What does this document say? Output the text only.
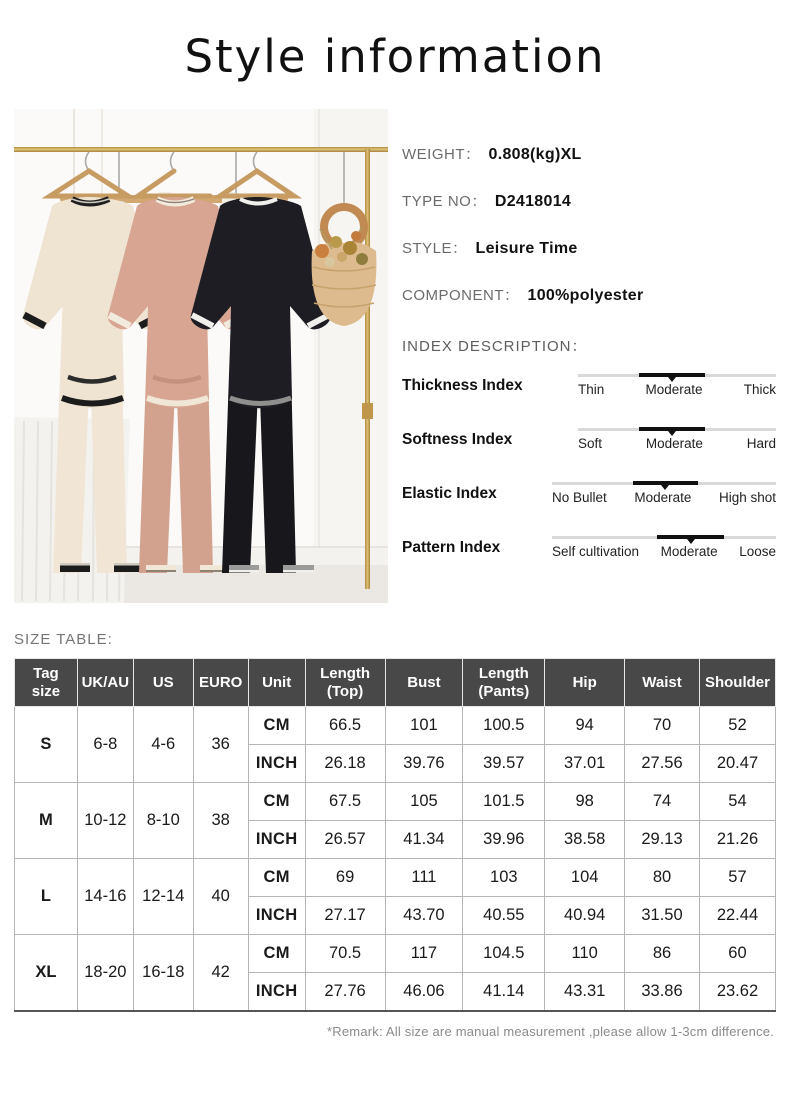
Style information
WEIGHT： 0.808(kg)XL
TYPE NO： D2418014
STYLE： Leisure Time
COMPONENT： 100%polyester
INDEX DESCRIPTION：
Thickness Index	Thin	Moderate	Thick
Softness Index	Soft	Moderate	Hard
Elastic Index	No Bullet Moderate High shot
Pattern Index	Self cultivation Moderate Loose
SIZE TABLE:
Tag size	UK/AU	US	EURO	Unit	Length (Top)	Bust	Length (Pants)	Hip	Waist	Shoulder
S	6-8	4-6	36	CM	66.5	101	100.5	94	70	52
				INCH	26.18	39.76	39.57	37.01	27.56	20.47
M	10-12	8-10	38	CM	67.5	105	101.5	98	74	54
				INCH	26.57	41.34	39.96	38.58	29.13	21.26
L	14-16	12-14	40	CM	69	111	103	104	80	57
				INCH	27.17	43.70	40.55	40.94	31.50	22.44
XL	18-20	16-18	42	CM	70.5	117	104.5	110	86	60
				INCH	27.76	46.06	41.14	43.31	33.86	23.62
*Remark: All size are manual measurement ,please allow 1-3cm difference.
